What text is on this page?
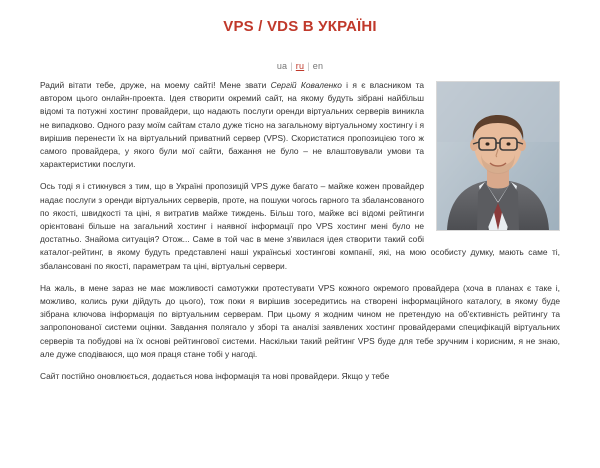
VPS / VDS В УКРАЇНІ
ua | ru | en

Радий вітати тебе, друже, на моему сайті! Мене звати Сергій Коваленко і я є власником та автором цього онлайн-проекта. Ідея створити окремий сайт, на якому будуть зібрані найбільш відомі та потужні хостинг провайдери, що надають послуги оренди віртуальних серверів виникла не випадково. Одного разу моїм сайтам стало дуже тісно на загальному віртуальному хостингу і я вирішив перенести їх на віртуальний приватний сервер (VPS). Скористатися пропозицією того ж самого провайдера, у якого були мої сайти, бажання не було – не влаштовували умови та характеристики послуги.

Ось тоді я і стикнувся з тим, що в Україні пропозицій VPS дуже багато – майже кожен провайдер надає послуги з оренди віртуальних серверів, проте, на пошуки чогось гарного та збалансованого по якості, швидкості та ціні, я витратив майже тиждень. Більш того, майже всі відомі рейтинги орієнтовані більше на загальний хостинг і наявної інформації про VPS хостинг мені було не достатньо. Знайома ситуація? Отож... Саме в той час в мене з'явилася ідея створити такий собі каталог-рейтинг, в якому будуть представлені наші українські хостингові компанії, які, на мою особисту думку, мають саме ті, збалансовані по якості, параметрам та ціні, віртуальні сервери.

На жаль, в мене зараз не має можливості самотужки протестувати VPS кожного окремого провайдера (хоча в планах є таке і, можливо, колись руки дійдуть до цього), тож поки я вирішив зосередитись на створені інформаційного каталогу, в якому буде зібрана ключова інформація по віртуальним серверам. При цьому я жодним чином не претендую на об'єктивність рейтингу та запропонованої системи оцінки. Завдання полягало у зборі та аналізі заявлених хостинг провайдерами специфікацій віртуальних серверів та побудові на їх основі рейтингової системи. Наскільки такий рейтинг VPS буде для тебе зручним і корисним, я не знаю, але дуже сподіваюся, що моя праця стане тобі у нагоді.

Сайт постійно оновлюється, додається нова інформація та нові провайдери. Якщо у тебе
